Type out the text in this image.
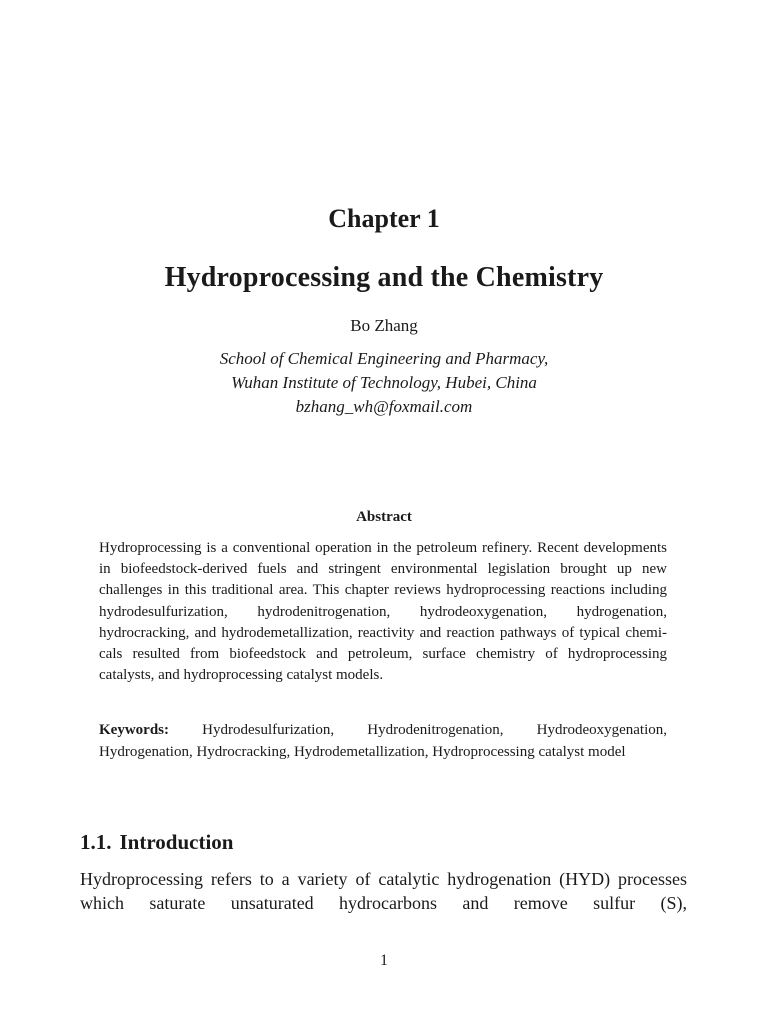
Chapter 1
Hydroprocessing and the Chemistry
Bo Zhang
School of Chemical Engineering and Pharmacy,
Wuhan Institute of Technology, Hubei, China
bzhang_wh@foxmail.com
Abstract
Hydroprocessing is a conventional operation in the petroleum refinery. Recent developments in biofeedstock-derived fuels and stringent environmental legislation brought up new challenges in this traditional area. This chapter reviews hydroprocessing reactions including hydrodesulfurization, hydrodenitrogenation, hydrodeoxygenation, hydrogenation, hydrocracking, and hydrodemetallization, reactivity and reaction pathways of typical chemicals resulted from biofeedstock and petroleum, surface chemistry of hydroprocessing catalysts, and hydroprocessing catalyst models.
Keywords: Hydrodesulfurization, Hydrodenitrogenation, Hydrodeoxygenation, Hydrogenation, Hydrocracking, Hydrodemetallization, Hydroprocessing catalyst model
1.1. Introduction
Hydroprocessing refers to a variety of catalytic hydrogenation (HYD) processes which saturate unsaturated hydrocarbons and remove sulfur (S),
1
